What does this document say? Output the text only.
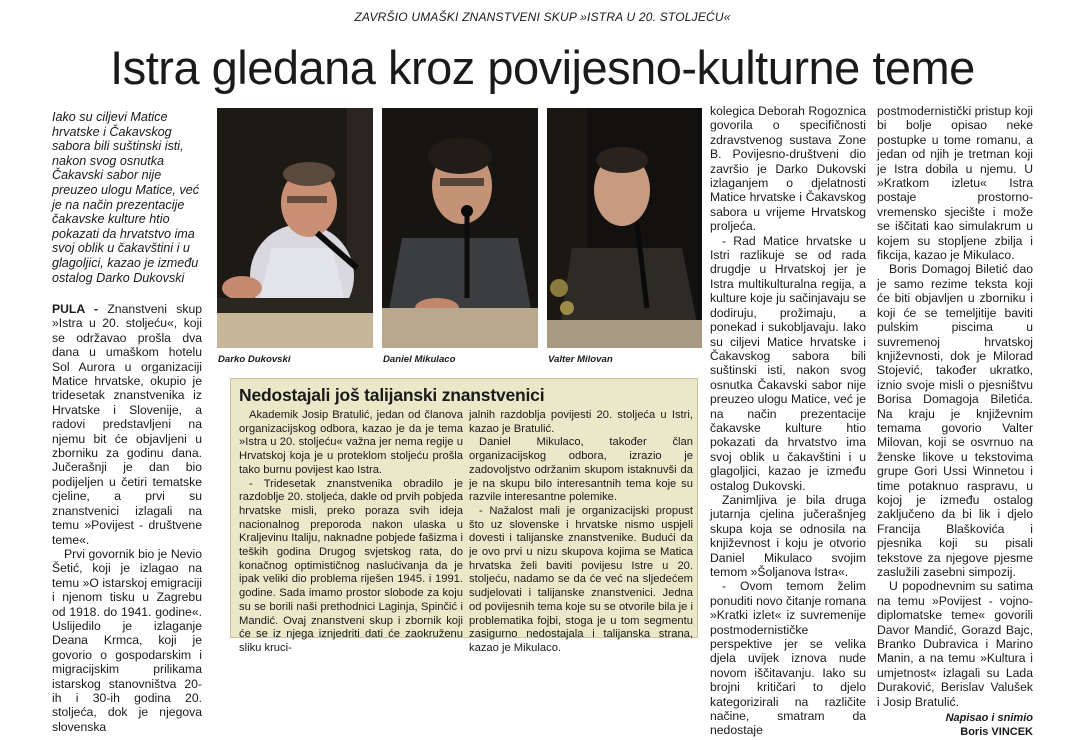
ZAVRŠIO UMAŠKI ZNANSTVENI SKUP »ISTRA U 20. STOLJEĆU«
Istra gledana kroz povijesno-kulturne teme
Iako su ciljevi Matice hrvatske i Čakavskog sabora bili suštinski isti, nakon svog osnutka Čakavski sabor nije preuzeo ulogu Matice, već je na način prezentacije čakavske kulture htio pokazati da hrvatstvo ima svoj oblik u čakavštini i u glagoljici, kazao je između ostalog Darko Dukovski

PULA - Znanstveni skup »Istra u 20. stoljeću«, koji se održavao prošla dva dana u umaškom hotelu Sol Aurora u organizaciji Matice hrvatske, okupio je tridesetak znanstvenika iz Hrvatske i Slovenije, a radovi predstavljeni na njemu bit će objavljeni u zborniku za godinu dana. Jučerašnji je dan bio podijeljen u četiri tematske cjeline, a prvi su znanstvenici izlagali na temu »Povijest - društvene teme«.

Prvi govornik bio je Nevio Šetić, koji je izlagao na temu »O istarskoj emigraciji i njenom tisku u Zagrebu od 1918. do 1941. godine«. Uslijedilo je izlaganje Deana Krmca, koji je govorio o gospodarskim i migracijskim prilikama istarskog stanovništva 20-ih i 30-ih godina 20. stoljeća, dok je njegova slovenska

Darko Dukovski	Daniel Mikulaco	Valter Milovan
Nedostajali još talijanski znanstvenici

Akademik Josip Bratulić, jedan od članova organizacijskog odbora, kazao je da je tema »Istra u 20. stoljeću« važna jer nema regije u Hrvatskoj koja je u proteklom stoljeću prošla tako burnu povijest kao Istra.

- Tridesetak znanstvenika obradilo je razdoblje 20. stoljeća, dakle od prvih pobjeda hrvatske misli, preko poraza svih ideja nacionalnog preporoda nakon ulaska u Kraljevinu Italiju, naknadne pobjede fašizma i teških godina Drugog svjetskog rata, do konačnog optimističnog naslućivanja da je ipak veliki dio problema riješen 1945. i 1991. godine. Sada imamo prostor slobode za koju su se borili naši prethodnici Laginja, Spinčić i Mandić. Ovaj znanstveni skup i zbornik koji će se iz njega iznjedriti dati će zaokruženu sliku kruci-

jalnih razdoblja povijesti 20. stoljeća u Istri, kazao je Bratulić.

Daniel Mikulaco, također član organizacijskog odbora, izrazio je zadovoljstvo održanim skupom istaknuvši da je na skupu bilo interesantnih tema koje su razvile interesantne polemike.

- Nažalost mali je organizacijski propust što uz slovenske i hrvatske nismo uspjeli dovesti i talijanske znanstvenike. Budući da je ovo prvi u nizu skupova kojima se Matica hrvatska želi baviti povijesu Istre u 20. stoljeću, nadamo se da će već na sljedećem sudjelovati i talijanske znanstvenici. Jedna od povijesnih tema koje su se otvorile bila je i problematika fojbi, stoga je u tom segmentu zasigurno nedostajala i talijanska strana, kazao je Mikulaco.

kolegica Deborah Rogoznica govorila o specifičnosti zdravstvenog sustava Zone B. Povijesno-društveni dio završio je Darko Dukovski izlaganjem o djelatnosti Matice hrvatske i Čakavskog sabora u vrijeme Hrvatskog proljeća.

- Rad Matice hrvatske u Istri razlikuje se od rada drugdje u Hrvatskoj jer je Istra multikulturalna regija, a kulture koje ju sačinjavaju se dodiruju, prožimaju, a ponekad i sukobljavaju. Iako su ciljevi Matice hrvatske i Čakavskog sabora bili suštinski isti, nakon svog osnutka Čakavski sabor nije preuzeo ulogu Matice, već je na način prezentacije čakavske kulture htio pokazati da hrvatstvo ima svoj oblik u čakavštini i u glagoljici, kazao je između ostalog Dukovski.

Zanimljiva je bila druga jutarnja cjelina jučerašnjeg skupa koja se odnosila na književnost i koju je otvorio Daniel Mikulaco svojim temom »Šoljanova Istra«.

- Ovom temom želim ponuditi novo čitanje romana »Kratki izlet« iz suvremenije postmodernističke perspektive jer se velika djela uvijek iznova nude novom iščitavanju. Iako su brojni kritičari to djelo kategorizirali na različite načine, smatram da nedostaje

postmodernistički pristup koji bi bolje opisao neke postupke u tome romanu, a jedan od njih je tretman koji je Istra dobila u njemu. U »Kratkom izletu« Istra postaje prostorno-vremensko sjecište i može se iščitati kao simulakrum u kojem su stopljene zbilja i fikcija, kazao je Mikulaco.

Boris Domagoj Biletić dao je samo rezime teksta koji će biti objavljen u zborniku i koji će se temeljitije baviti pulskim piscima u suvremenoj hrvatskoj književnosti, dok je Milorad Stojević, također ukratko, iznio svoje misli o pjesništvu Borisa Domagoja Biletića. Na kraju je književnim temama govorio Valter Milovan, koji se osvrnuo na ženske likove u tekstovima grupe Gori Ussi Winnetou i time potaknuo raspravu, u kojoj je između ostalog zaključeno da bi lik i djelo Francija Blaškovića i pjesnika koji su pisali tekstove za njegove pjesme zaslužili zasebni simpozij.

U popodnevnim su satima na temu »Povijest - vojno-diplomatske teme« govorili Davor Mandić, Gorazd Bajc, Branko Dubravica i Marino Manin, a na temu »Kultura i umjetnost« izlagali su Lada Duraković, Berislav Valušek i Josip Bratulić.

Napisao i snimio
Boris VINCEK
